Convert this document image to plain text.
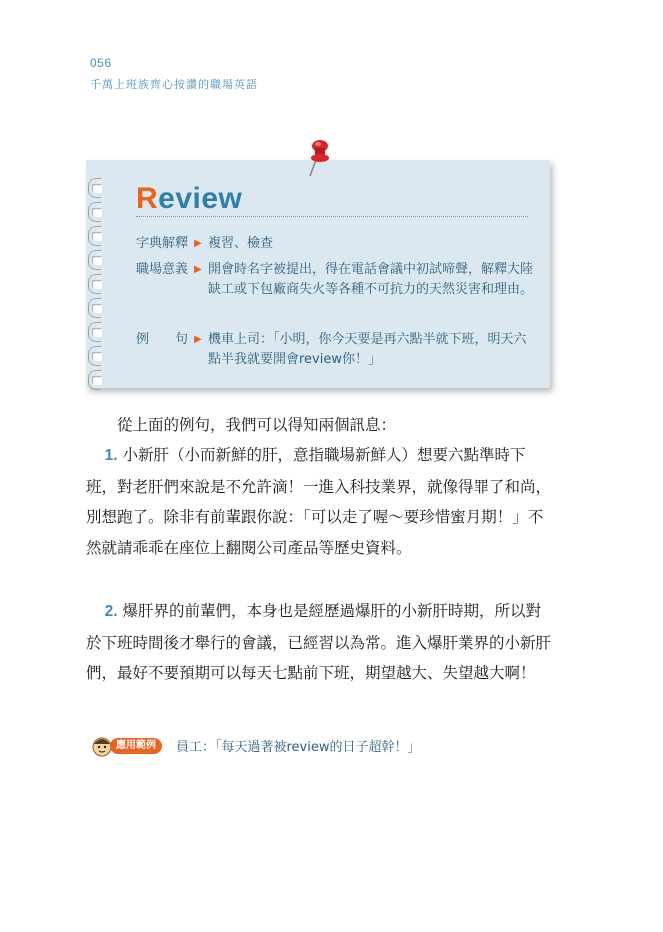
056
千萬上班族齊心按讚的職場英語
Review
字典解釋 ▶ 複習、檢查
職場意義 ▶ 開會時名字被提出，得在電話會議中初試啼聲，解釋大陸缺工或下包廠商失火等各種不可抗力的天然災害和理由。
例　　句 ▶ 機車上司：「小明，你今天要是再六點半就下班，明天六點半我就要開會review你！」
從上面的例句，我們可以得知兩個訊息：
1. 小新肝（小而新鮮的肝，意指職場新鮮人）想要六點準時下班，對老肝們來說是不允許滴！一進入科技業界，就像得罪了和尚，別想跑了。除非有前輩跟你說：「可以走了喔～要珍惜蜜月期！」不然就請乖乖在座位上翻閱公司產品等歷史資料。
2. 爆肝界的前輩們，本身也是經歷過爆肝的小新肝時期，所以對於下班時間後才舉行的會議，已經習以為常。進入爆肝業界的小新肝們，最好不要預期可以每天七點前下班，期望越大、失望越大啊！
應用範例	員工：「每天過著被review的日子超幹！」
